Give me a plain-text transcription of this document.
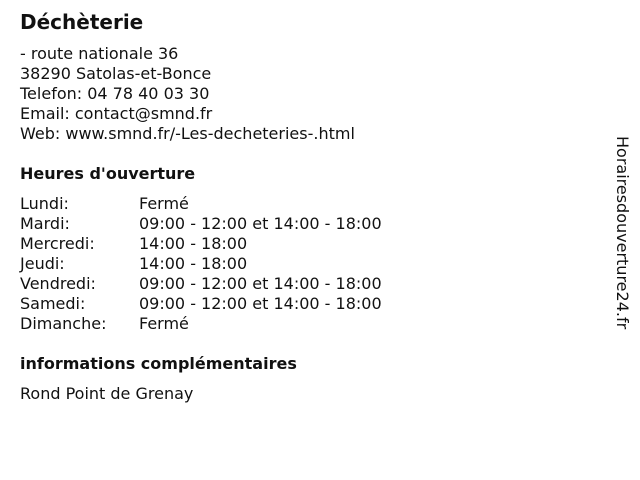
Déchèterie
- route nationale 36
38290 Satolas-et-Bonce
Telefon: 04 78 40 03 30
Email: contact@smnd.fr
Web: www.smnd.fr/-Les-decheteries-.html
Heures d'ouverture
Lundi:	Fermé
Mardi:	09:00 - 12:00 et 14:00 - 18:00
Mercredi:	14:00 - 18:00
Jeudi:	14:00 - 18:00
Vendredi:	09:00 - 12:00 et 14:00 - 18:00
Samedi:	09:00 - 12:00 et 14:00 - 18:00
Dimanche:	Fermé
informations complémentaires
Rond Point de Grenay
Horairesdouverture24.fr
